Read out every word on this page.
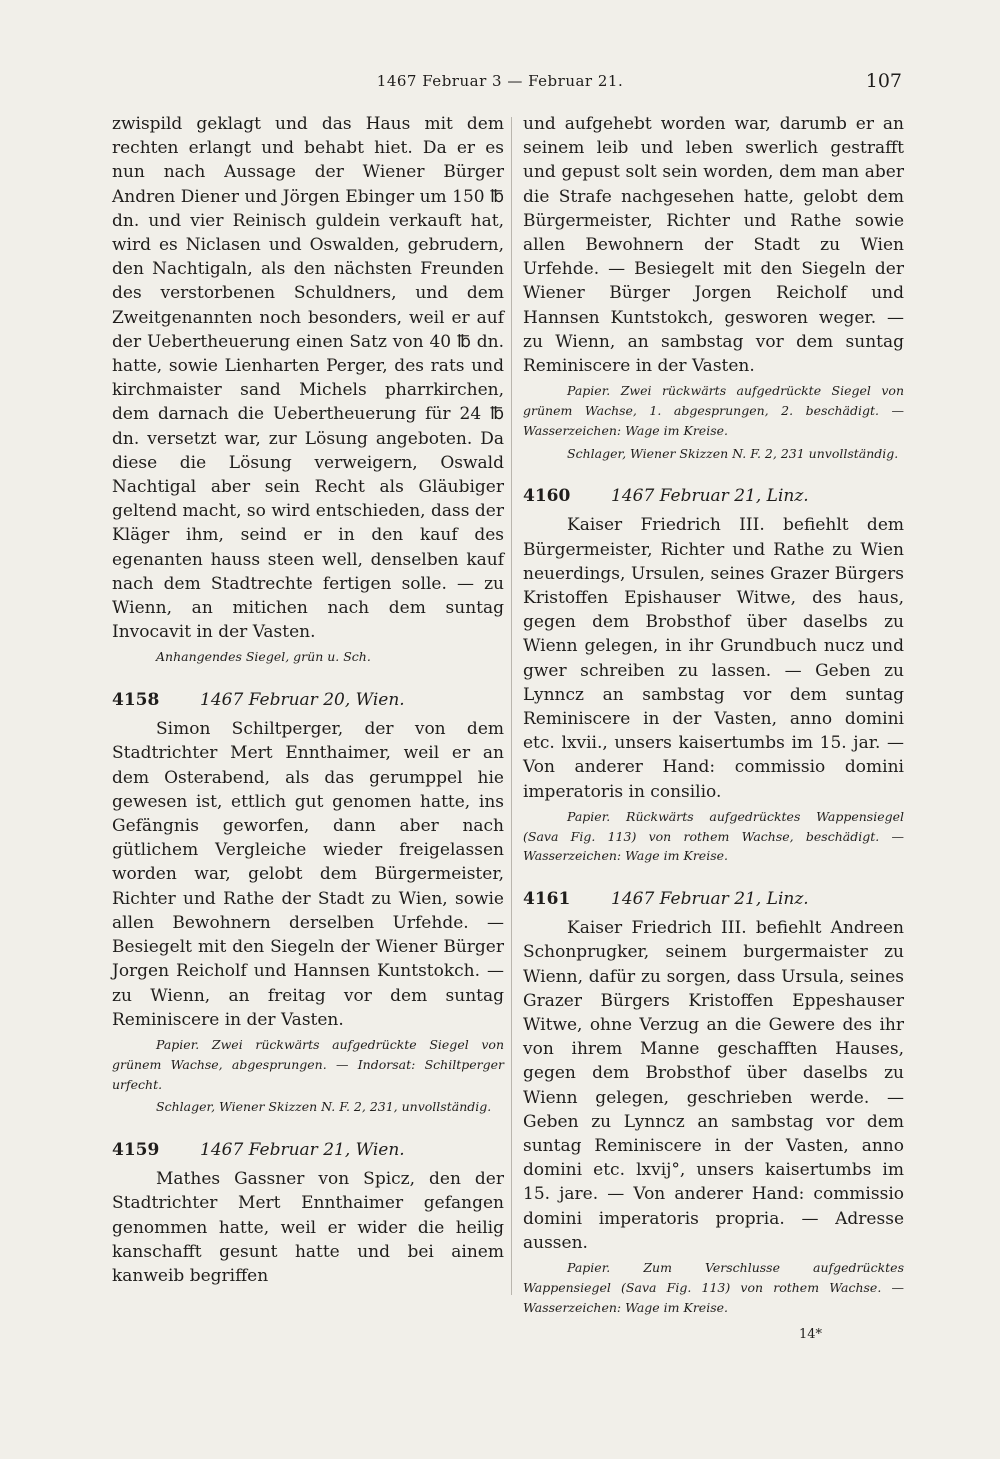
1467 Februar 3 — Februar 21.	107

zwispild geklagt und das Haus mit dem rechten erlangt und behabt hiet. Da er es nun nach Aussage der Wiener Bürger Andren Diener und Jörgen Ebinger um 150 ℔ dn. und vier Reinisch guldein verkauft hat, wird es Niclasen und Oswalden, gebrudern, den Nachtigaln, als den nächsten Freunden des verstorbenen Schuldners, und dem Zweitgenannten noch besonders, weil er auf der Uebertheuerung einen Satz von 40 ℔ dn. hatte, sowie Lienharten Perger, des rats und kirchmaister sand Michels pharrkirchen, dem darnach die Uebertheuerung für 24 ℔ dn. versetzt war, zur Lösung angeboten. Da diese die Lösung verweigern, Oswald Nachtigal aber sein Recht als Gläubiger geltend macht, so wird entschieden, dass der Kläger ihm, seind er in den kauf des egenanten hauss steen well, denselben kauf nach dem Stadtrechte fertigen solle. — zu Wienn, an mitichen nach dem suntag Invocavit in der Vasten.

Anhangendes Siegel, grün u. Sch.

4158 1467 Februar 20, Wien.

Simon Schiltperger, der von dem Stadtrichter Mert Ennthaimer, weil er an dem Osterabend, als das gerumppel hie gewesen ist, ettlich gut genomen hatte, ins Gefängnis geworfen, dann aber nach gütlichem Vergleiche wieder freigelassen worden war, gelobt dem Bürgermeister, Richter und Rathe der Stadt zu Wien, sowie allen Bewohnern derselben Urfehde. — Besiegelt mit den Siegeln der Wiener Bürger Jorgen Reicholf und Hannsen Kuntstokch. — zu Wienn, an freitag vor dem suntag Reminiscere in der Vasten.

Papier. Zwei rückwärts aufgedrückte Siegel von grünem Wachse, abgesprungen. — Indorsat: Schiltperger urfecht.

Schlager, Wiener Skizzen N. F. 2, 231, unvollständig.

4159 1467 Februar 21, Wien.

Mathes Gassner von Spicz, den der Stadtrichter Mert Ennthaimer gefangen genommen hatte, weil er wider die heilig kanschafft gesunt hatte und bei ainem kanweib begriffen

und aufgehebt worden war, darumb er an seinem leib und leben swerlich gestrafft und gepust solt sein worden, dem man aber die Strafe nachgesehen hatte, gelobt dem Bürgermeister, Richter und Rathe sowie allen Bewohnern der Stadt zu Wien Urfehde. — Besiegelt mit den Siegeln der Wiener Bürger Jorgen Reicholf und Hannsen Kuntstokch, gesworen weger. — zu Wienn, an sambstag vor dem suntag Reminiscere in der Vasten.

Papier. Zwei rückwärts aufgedrückte Siegel von grünem Wachse, 1. abgesprungen, 2. beschädigt. — Wasserzeichen: Wage im Kreise.

Schlager, Wiener Skizzen N. F. 2, 231 unvollständig.

4160 1467 Februar 21, Linz.

Kaiser Friedrich III. befiehlt dem Bürgermeister, Richter und Rathe zu Wien neuerdings, Ursulen, seines Grazer Bürgers Kristoffen Epishauser Witwe, des haus, gegen dem Brobsthof über daselbs zu Wienn gelegen, in ihr Grundbuch nucz und gwer schreiben zu lassen. — Geben zu Lynncz an sambstag vor dem suntag Reminiscere in der Vasten, anno domini etc. lxvii., unsers kaisertumbs im 15. jar. — Von anderer Hand: commissio domini imperatoris in consilio.

Papier. Rückwärts aufgedrücktes Wappensiegel (Sava Fig. 113) von rothem Wachse, beschädigt. — Wasserzeichen: Wage im Kreise.

4161 1467 Februar 21, Linz.

Kaiser Friedrich III. befiehlt Andreen Schonprugker, seinem burgermaister zu Wienn, dafür zu sorgen, dass Ursula, seines Grazer Bürgers Kristoffen Eppeshauser Witwe, ohne Verzug an die Gewere des ihr von ihrem Manne geschafften Hauses, gegen dem Brobsthof über daselbs zu Wienn gelegen, geschrieben werde. — Geben zu Lynncz an sambstag vor dem suntag Reminiscere in der Vasten, anno domini etc. lxvij°, unsers kaisertumbs im 15. jare. — Von anderer Hand: commissio domini imperatoris propria. — Adresse aussen.

Papier. Zum Verschlusse aufgedrücktes Wappensiegel (Sava Fig. 113) von rothem Wachse. — Wasserzeichen: Wage im Kreise.

14*
